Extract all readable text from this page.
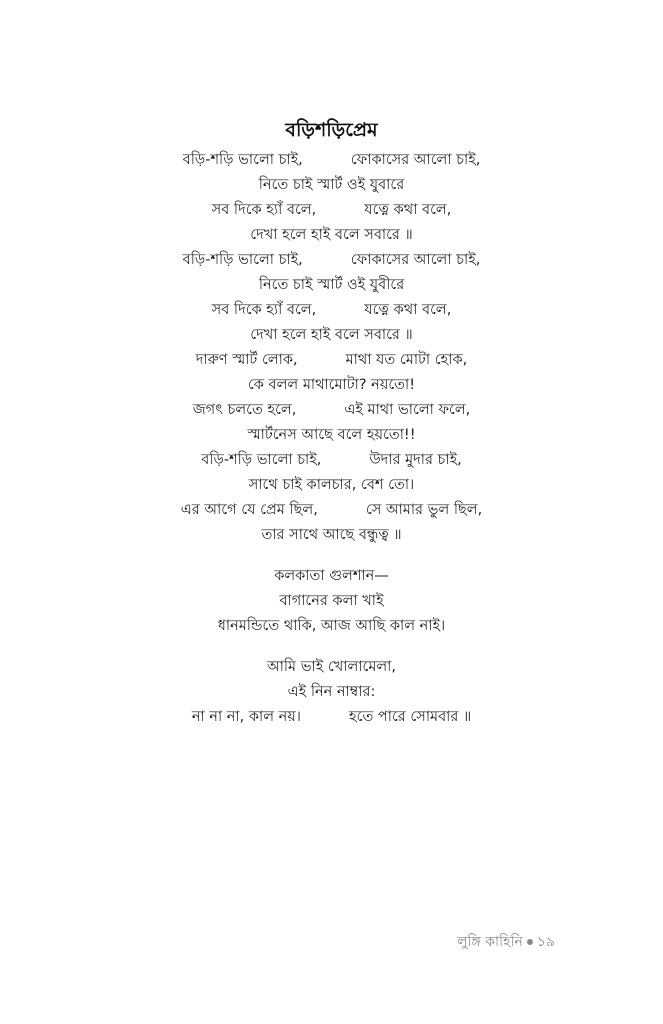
বড়িশড়িপ্রেম
বড়ি-শড়ি ভালো চাই,	ফোকাসের আলো চাই,
নিতে চাই স্মার্ট ওই যুবারে
সব দিকে হ্যাঁ বলে,	যত্নে কথা বলে,
দেখা হলে হাই বলে সবারে ॥
বড়ি-শড়ি ভালো চাই,	ফোকাসের আলো চাই,
নিতে চাই স্মার্ট ওই যুবীরে
সব দিকে হ্যাঁ বলে,	যত্নে কথা বলে,
দেখা হলে হাই বলে সবারে ॥
দারুণ স্মার্ট লোক,	মাথা যত মোটা হোক,
কে বলল মাথামোটা? নয়তো!
জগৎ চলতে হলে,	এই মাথা ভালো ফলে,
স্মার্টনেস আছে বলে হয়তো!!
বড়ি-শড়ি ভালো চাই,	উদার মুদার চাই,
সাথে চাই কালচার, বেশ তো।
এর আগে যে প্রেম ছিল,	সে আমার ভুল ছিল,
তার সাথে আছে বন্ধুত্ব ॥
কলকাতা গুলশান—
বাগানের কলা খাই
ধানমন্ডিতে থাকি, আজ আছি কাল নাই।
আমি ভাই খোলামেলা,
এই নিন নাম্বার:
না না না, কাল নয়।	হতে পারে সোমবার ॥
লুঙ্গি কাহিনি ১৯
